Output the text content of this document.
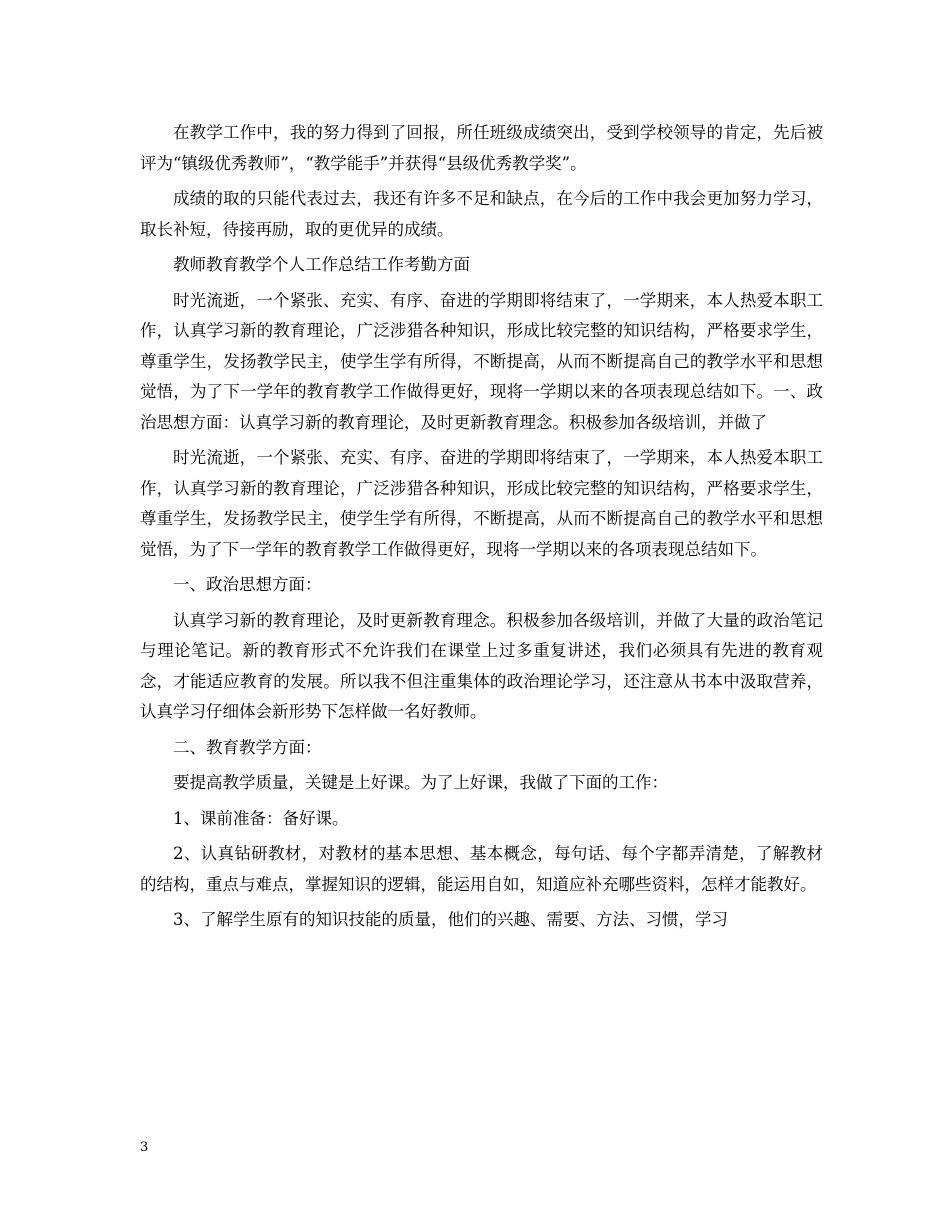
在教学工作中，我的努力得到了回报，所任班级成绩突出，受到学校领导的肯定，先后被评为“镇级优秀教师”，“教学能手”并获得“县级优秀教学奖”。

成绩的取的只能代表过去，我还有许多不足和缺点，在今后的工作中我会更加努力学习，取长补短，待接再励，取的更优异的成绩。

教师教育教学个人工作总结工作考勤方面

时光流逝，一个紧张、充实、有序、奋进的学期即将结束了，一学期来，本人热爱本职工作，认真学习新的教育理论，广泛涉猎各种知识，形成比较完整的知识结构，严格要求学生，尊重学生，发扬教学民主，使学生学有所得，不断提高，从而不断提高自己的教学水平和思想觉悟，为了下一学年的教育教学工作做得更好，现将一学期以来的各项表现总结如下。一、政治思想方面：认真学习新的教育理论，及时更新教育理念。积极参加各级培训，并做了

时光流逝，一个紧张、充实、有序、奋进的学期即将结束了，一学期来，本人热爱本职工作，认真学习新的教育理论，广泛涉猎各种知识，形成比较完整的知识结构，严格要求学生，尊重学生，发扬教学民主，使学生学有所得，不断提高，从而不断提高自己的教学水平和思想觉悟，为了下一学年的教育教学工作做得更好，现将一学期以来的各项表现总结如下。

一、政治思想方面：

认真学习新的教育理论，及时更新教育理念。积极参加各级培训，并做了大量的政治笔记与理论笔记。新的教育形式不允许我们在课堂上过多重复讲述，我们必须具有先进的教育观念，才能适应教育的发展。所以我不但注重集体的政治理论学习，还注意从书本中汲取营养，认真学习仔细体会新形势下怎样做一名好教师。

二、教育教学方面：

要提高教学质量，关键是上好课。为了上好课，我做了下面的工作：

1、课前准备：备好课。

2、认真钻研教材，对教材的基本思想、基本概念，每句话、每个字都弄清楚，了解教材的结构，重点与难点，掌握知识的逻辑，能运用自如，知道应补充哪些资料，怎样才能教好。

3、了解学生原有的知识技能的质量，他们的兴趣、需要、方法、习惯，学习

3
